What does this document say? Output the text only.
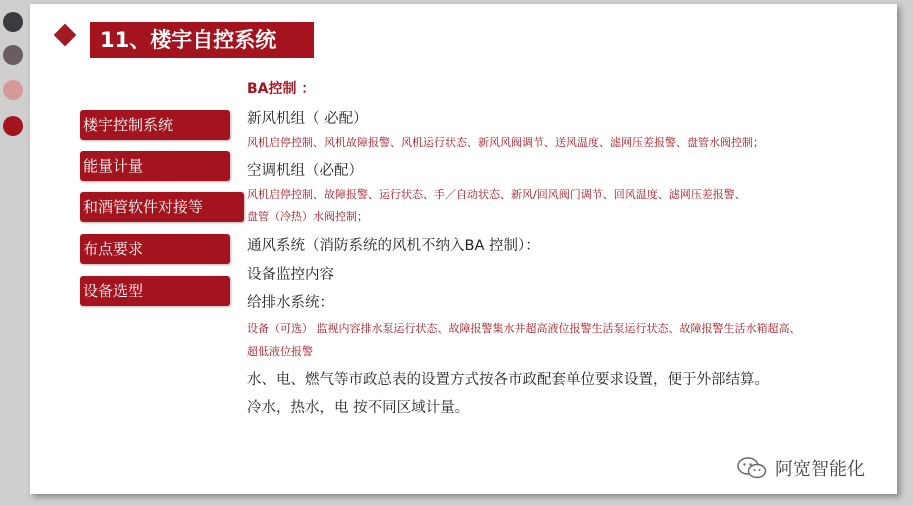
11、楼宇自控系统
楼宇控制系统
能量计量
和酒管软件对接等
布点要求
设备选型
BA控制 ：
新风机组（ 必配）
风机启停控制、风机故障报警、风机运行状态、新风风阀调节、送风温度、滤网压差报警、盘管水阀控制；
空调机组（必配）
风机启停控制、故障报警、运行状态、手／自动状态、新风/回风阀门调节、回风温度、滤网压差报警、
盘管（冷热）水阀控制；
通风系统（消防系统的风机不纳入BA 控制）：
设备监控内容
给排水系统：
设备（可选） 监视内容排水泵运行状态、故障报警集水井超高液位报警生活泵运行状态、故障报警生活水箱超高、
超低液位报警
水、电、燃气等市政总表的设置方式按各市政配套单位要求设置，便于外部结算。
冷水，热水，电 按不同区域计量。
阿宽智能化
